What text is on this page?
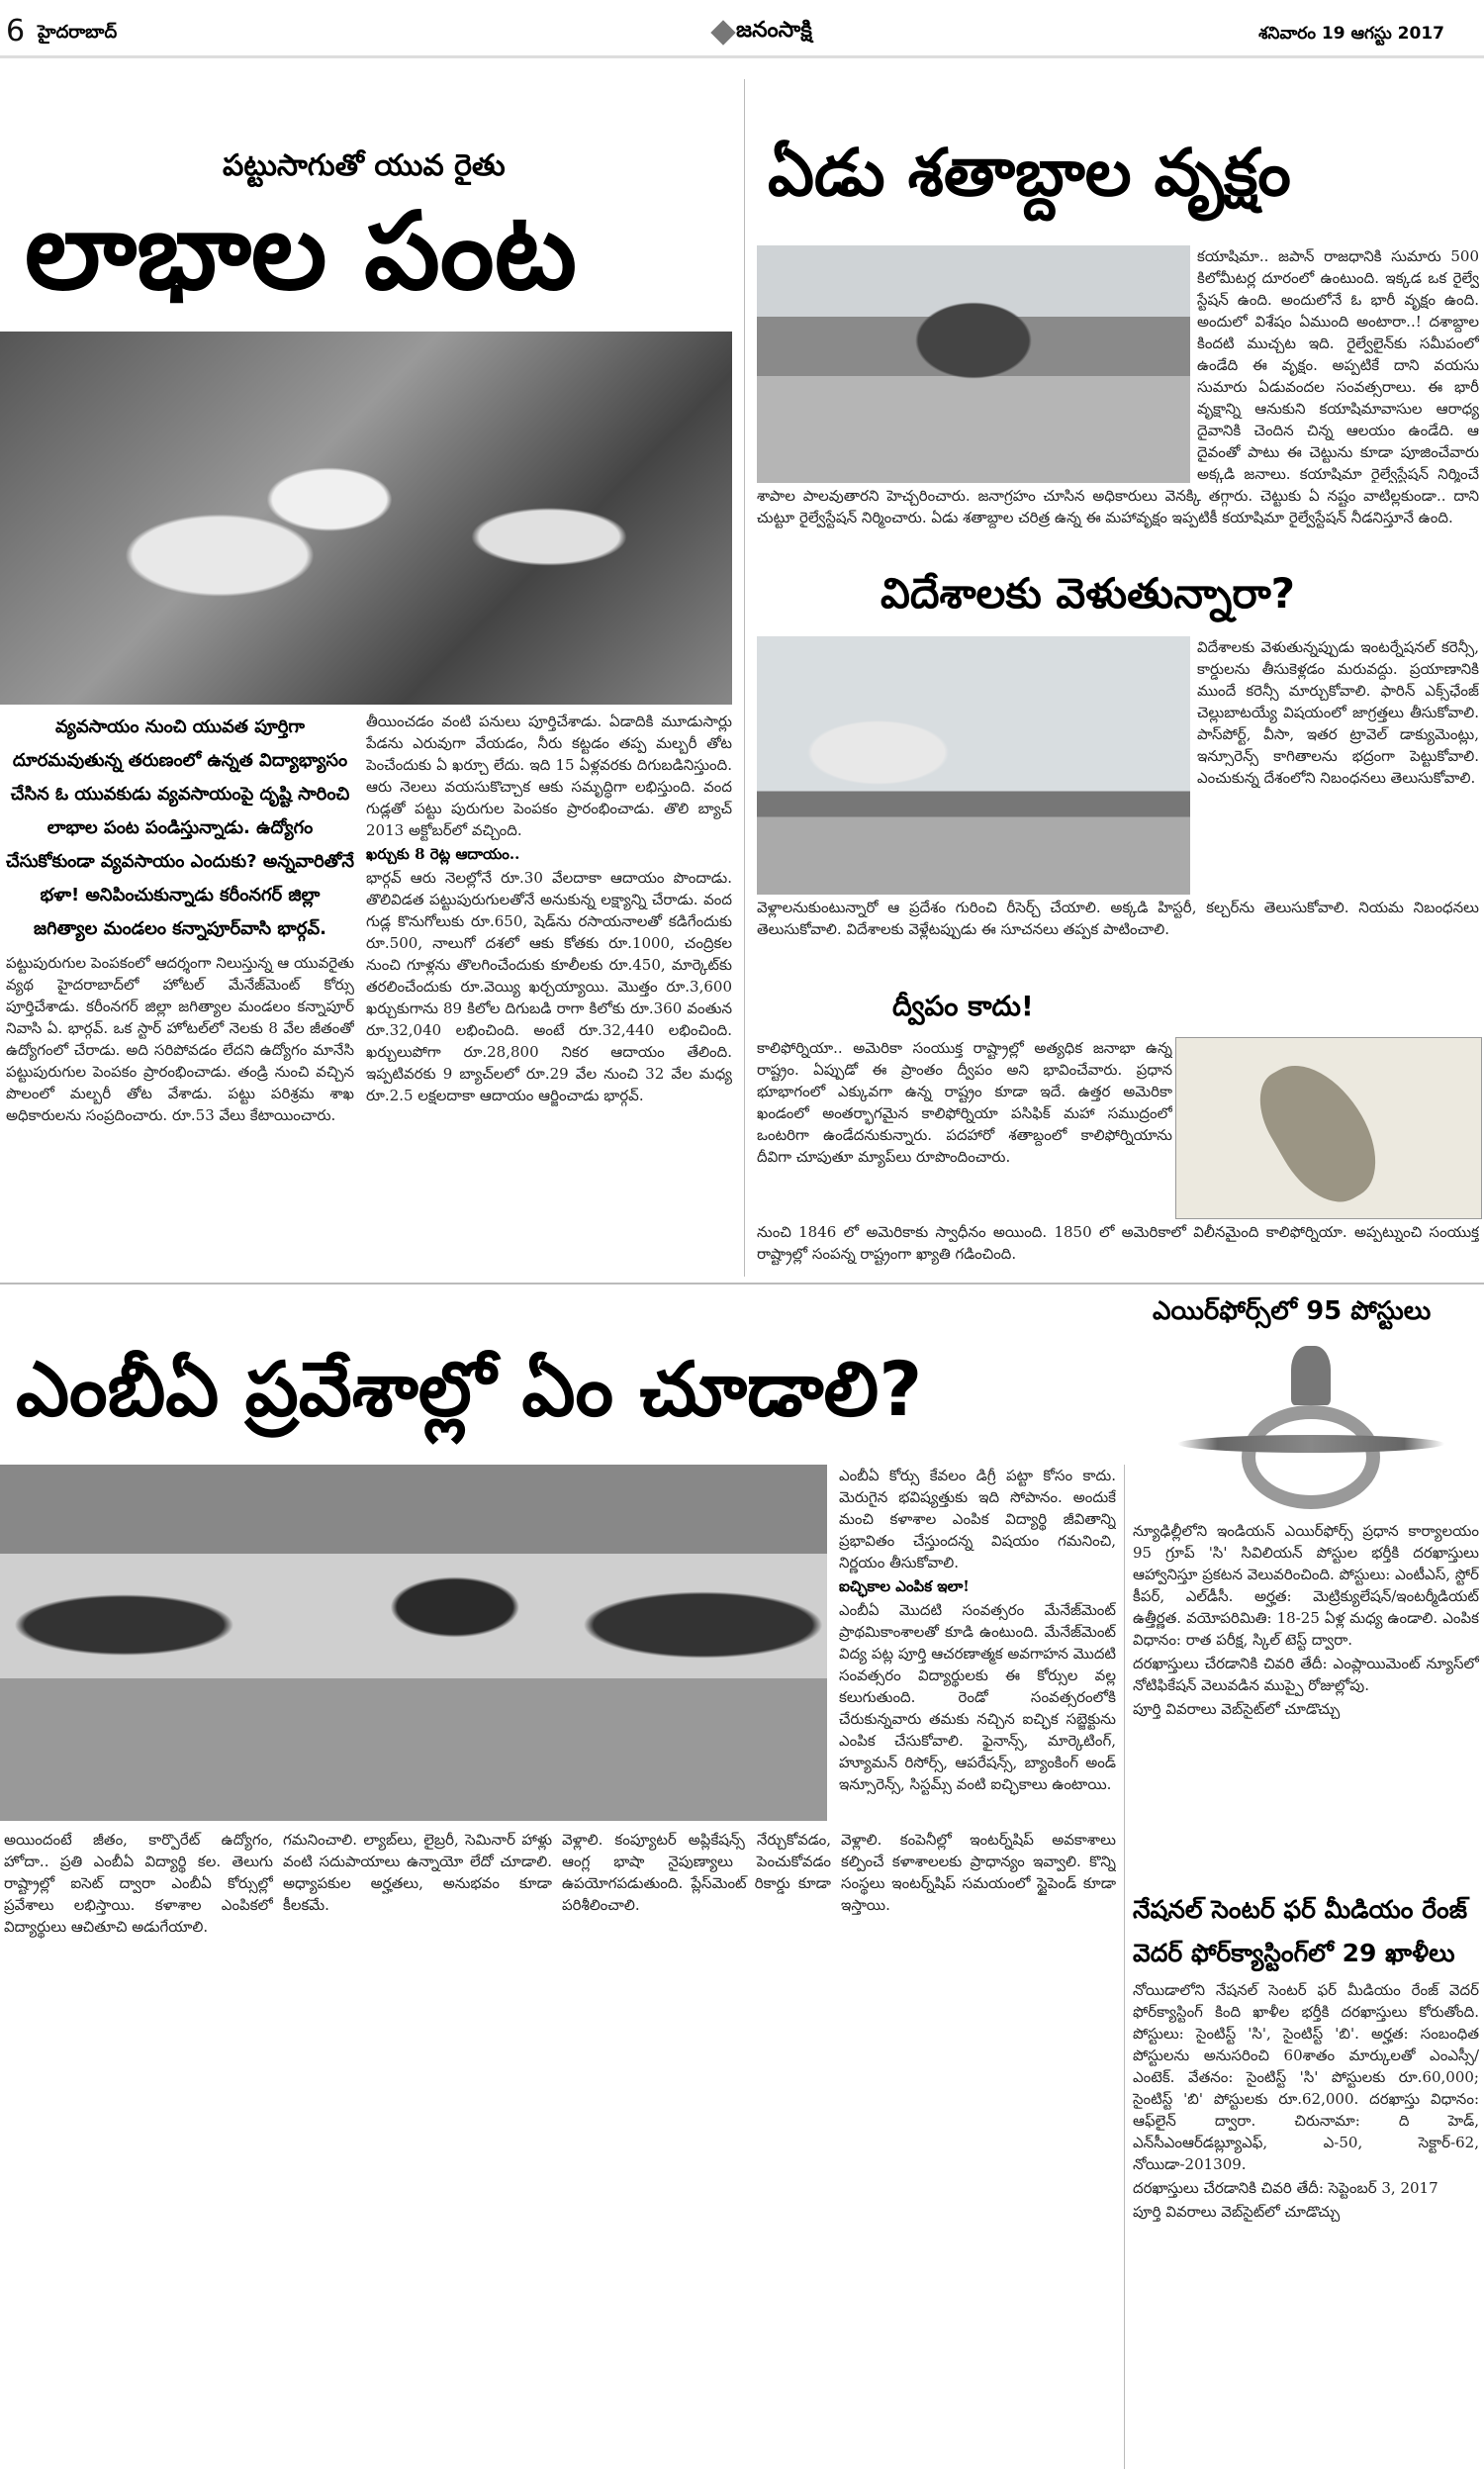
6 హైదరాబాద్	జనంసాక్షి	శనివారం 19 ఆగస్టు 2017
పట్టుసాగుతో యువ రైతు
లాభాల పంట
వ్యవసాయం నుంచి యువత పూర్తిగా దూరమవుతున్న తరుణంలో ఉన్నత విద్యాభ్యాసం చేసిన ఓ యువకుడు వ్యవసాయంపై దృష్టి సారించి లాభాల పంట పండిస్తున్నాడు. ఉద్యోగం చేసుకోకుండా వ్యవసాయం ఎందుకు? అన్నవారితోనే భళా! అనిపించుకున్నాడు కరీంనగర్ జిల్లా జగిత్యాల మండలం కన్నాపూర్‌వాసి భార్గవ్.
పట్టుపురుగుల పెంపకంలో ఆదర్శంగా నిలుస్తున్న ఆ యువరైతు వ్యథ హైదరాబాద్‌లో హోటల్ మేనేజ్‌మెంట్ కోర్సు పూర్తిచేశాడు. కరీంనగర్ జిల్లా జగిత్యాల మండలం కన్నాపూర్ నివాసి ఏ. భార్గవ్. ఒక స్టార్ హోటల్‌లో నెలకు 8 వేల జీతంతో ఉద్యోగంలో చేరాడు. అది సరిపోవడం లేదని ఉద్యోగం మానేసి పట్టుపురుగుల పెంపకం ప్రారంభించాడు. తండ్రి నుంచి వచ్చిన పొలంలో మల్బరీ తోట వేశాడు. పట్టు పరిశ్రమ శాఖ అధికారులను సంప్రదించారు. రూ.53 వేలు కేటాయించారు.

తీయించడం వంటి పనులు పూర్తిచేశాడు. ఏడాదికి మూడుసార్లు పేడను ఎరువుగా వేయడం, నీరు కట్టడం తప్ప మల్బరీ తోట పెంచేందుకు ఏ ఖర్చూ లేదు. ఇది 15 ఏళ్లవరకు దిగుబడినిస్తుంది. ఆరు నెలలు వయసుకొచ్చాక ఆకు సమృద్ధిగా లభిస్తుంది. వంద గుడ్లతో పట్టు పురుగుల పెంపకం ప్రారంభించాడు. తొలి బ్యాచ్ 2013 అక్టోబర్‌లో వచ్చింది.

ఖర్చుకు 8 రెట్ల ఆదాయం..

భార్గవ్ ఆరు నెలల్లోనే రూ.30 వేలదాకా ఆదాయం పొందాడు. తొలివిడత పట్టుపురుగులతోనే అనుకున్న లక్ష్యాన్ని చేరాడు. వంద గుడ్ల కొనుగోలుకు రూ.650, షెడ్‌ను రసాయనాలతో కడిగేందుకు రూ.500, నాలుగో దశలో ఆకు కోతకు రూ.1000, చంద్రికల నుంచి గూళ్లను తొలగించేందుకు కూలీలకు రూ.450, మార్కెట్‌కు తరలించేందుకు రూ.వెయ్యి ఖర్చయ్యాయి. మొత్తం రూ.3,600 ఖర్చుకుగాను 89 కిలోల దిగుబడి రాగా కిలోకు రూ.360 వంతున రూ.32,040 లభించింది. అంటే రూ.32,440 లభించింది. ఖర్చులుపోగా రూ.28,800 నికర ఆదాయం తేలింది. ఇప్పటివరకు 9 బ్యాచ్‌లలో రూ.29 వేల నుంచి 32 వేల మధ్య రూ.2.5 లక్షలదాకా ఆదాయం ఆర్జించాడు భార్గవ్.

ఏడు శతాబ్దాల వృక్షం
కయాషిమా.. జపాన్ రాజధానికి సుమారు 500 కిలోమీటర్ల దూరంలో ఉంటుంది. ఇక్కడ ఒక రైల్వే స్టేషన్ ఉంది. అందులోనే ఓ భారీ వృక్షం ఉంది. అందులో విశేషం ఏముంది అంటారా..! దశాబ్దాల కిందటి ముచ్చట ఇది. రైల్వేలైన్‌కు సమీపంలో ఉండేది ఈ వృక్షం. అప్పటికే దాని వయసు సుమారు ఏడువందల సంవత్సరాలు. ఈ భారీ వృక్షాన్ని ఆనుకుని కయాషిమావాసుల ఆరాధ్య దైవానికి చెందిన చిన్న ఆలయం ఉండేది. ఆ దైవంతో పాటు ఈ చెట్టును కూడా పూజించేవారు అక్కడి జనాలు. కయాషిమా రైల్వేస్టేషన్ నిర్మించే
శాపాల పాలవుతారని హెచ్చరించారు. జనాగ్రహం చూసిన అధికారులు వెనక్కి తగ్గారు. చెట్టుకు ఏ నష్టం వాటిల్లకుండా.. దాని చుట్టూ రైల్వేస్టేషన్ నిర్మించారు. ఏడు శతాబ్దాల చరిత్ర ఉన్న ఈ మహావృక్షం ఇప్పటికీ కయాషిమా రైల్వేస్టేషన్ నీడనిస్తూనే ఉంది.
విదేశాలకు వెళుతున్నారా?
విదేశాలకు వెళుతున్నప్పుడు ఇంటర్నేషనల్ కరెన్సీ, కార్డులను తీసుకెళ్లడం మరువద్దు. ప్రయాణానికి ముందే కరెన్సీ మార్చుకోవాలి. ఫారిన్ ఎక్స్‌ఛేంజ్ చెల్లుబాటయ్యే విషయంలో జాగ్రత్తలు తీసుకోవాలి. పాస్‌పోర్ట్, వీసా, ఇతర ట్రావెల్ డాక్యుమెంట్లు, ఇన్సూరెన్స్ కాగితాలను భద్రంగా పెట్టుకోవాలి. ఎంచుకున్న దేశంలోని నిబంధనలు తెలుసుకోవాలి.
వెళ్లాలనుకుంటున్నారో ఆ ప్రదేశం గురించి రీసెర్చ్ చేయాలి. అక్కడి హిస్టరీ, కల్చర్‌ను తెలుసుకోవాలి. నియమ నిబంధనలు తెలుసుకోవాలి. విదేశాలకు వెళ్లేటప్పుడు ఈ సూచనలు తప్పక పాటించాలి.
ద్వీపం కాదు!
కాలిఫోర్నియా.. అమెరికా సంయుక్త రాష్ట్రాల్లో అత్యధిక జనాభా ఉన్న రాష్ట్రం. ఏప్పుడో ఈ ప్రాంతం ద్వీపం అని భావించేవారు. ప్రధాన భూభాగంలో ఎక్కువగా ఉన్న రాష్ట్రం కూడా ఇదే. ఉత్తర అమెరికా ఖండంలో అంతర్భాగమైన కాలిఫోర్నియా పసిఫిక్ మహా సముద్రంలో ఒంటరిగా ఉండేదనుకున్నారు. పదహారో శతాబ్దంలో కాలిఫోర్నియాను దీవిగా చూపుతూ మ్యాప్‌లు రూపొందించారు.
నుంచి 1846 లో అమెరికాకు స్వాధీనం అయింది. 1850 లో అమెరికాలో విలీనమైంది కాలిఫోర్నియా. అప్పట్నుంచి సంయుక్త రాష్ట్రాల్లో సంపన్న రాష్ట్రంగా ఖ్యాతి గడించింది.
ఎయిర్‌ఫోర్స్‌లో 95 పోస్టులు

న్యూఢిల్లీలోని ఇండియన్ ఎయిర్‌ఫోర్స్ ప్రధాన కార్యాలయం 95 గ్రూప్ 'సి' సివిలియన్ పోస్టుల భర్తీకి దరఖాస్తులు ఆహ్వానిస్తూ ప్రకటన వెలువరించింది. పోస్టులు: ఎంటీఎస్, స్టోర్ కీపర్, ఎల్‌డీసీ. అర్హత: మెట్రిక్యులేషన్/ఇంటర్మీడియట్ ఉత్తీర్ణత. వయోపరిమితి: 18-25 ఏళ్ల మధ్య ఉండాలి. ఎంపిక విధానం: రాత పరీక్ష, స్కిల్ టెస్ట్ ద్వారా.

దరఖాస్తులు చేరడానికి చివరి తేదీ: ఎంప్లాయిమెంట్ న్యూస్‌లో నోటిఫికేషన్ వెలువడిన ముప్పై రోజుల్లోపు.

పూర్తి వివరాలు వెబ్‌సైట్‌లో చూడొచ్చు

నేషనల్ సెంటర్ ఫర్ మీడియం రేంజ్ వెదర్ ఫోర్‌క్యాస్టింగ్‌లో 29 ఖాళీలు

నోయిడాలోని నేషనల్ సెంటర్ ఫర్ మీడియం రేంజ్ వెదర్ ఫోర్‌క్యాస్టింగ్ కింది ఖాళీల భర్తీకి దరఖాస్తులు కోరుతోంది. పోస్టులు: సైంటిస్ట్ 'సి', సైంటిస్ట్ 'బి'. అర్హత: సంబంధిత పోస్టులను అనుసరించి 60శాతం మార్కులతో ఎంఎస్సీ/ఎంటెక్. వేతనం: సైంటిస్ట్ 'సి' పోస్టులకు రూ.60,000; సైంటిస్ట్ 'బి' పోస్టులకు రూ.62,000. దరఖాస్తు విధానం: ఆఫ్‌లైన్ ద్వారా. చిరునామా: ది హెడ్, ఎన్‌సీఎంఆర్‌డబ్ల్యూఎఫ్, ఎ-50, సెక్టార్-62, నోయిడా-201309.

దరఖాస్తులు చేరడానికి చివరి తేదీ: సెప్టెంబర్ 3, 2017

పూర్తి వివరాలు వెబ్‌సైట్‌లో చూడొచ్చు

ఎంబీఏ ప్రవేశాల్లో ఏం చూడాలి?

ఎంబీఏ కోర్సు కేవలం డిగ్రీ పట్టా కోసం కాదు. మెరుగైన భవిష్యత్తుకు ఇది సోపానం. అందుకే మంచి కళాశాల ఎంపిక విద్యార్థి జీవితాన్ని ప్రభావితం చేస్తుందన్న విషయం గమనించి, నిర్ణయం తీసుకోవాలి.

ఐచ్ఛికాల ఎంపిక ఇలా!

ఎంబీఏ మొదటి సంవత్సరం మేనేజ్‌మెంట్ ప్రాథమికాంశాలతో కూడి ఉంటుంది. మేనేజ్‌మెంట్ విద్య పట్ల పూర్తి ఆచరణాత్మక అవగాహన మొదటి సంవత్సరం విద్యార్థులకు ఈ కోర్సుల వల్ల కలుగుతుంది. రెండో సంవత్సరంలోకి చేరుకున్నవారు తమకు నచ్చిన ఐచ్ఛిక సబ్జెక్టును ఎంపిక చేసుకోవాలి. ఫైనాన్స్, మార్కెటింగ్, హ్యూమన్ రిసోర్స్, ఆపరేషన్స్, బ్యాంకింగ్ అండ్ ఇన్సూరెన్స్, సిస్టమ్స్ వంటి ఐచ్ఛికాలు ఉంటాయి.

అయిందంటే జీతం, కార్పొరేట్ ఉద్యోగం, హోదా.. ప్రతి ఎంబీఏ విద్యార్థి కల. తెలుగు రాష్ట్రాల్లో ఐసెట్ ద్వారా ఎంబీఏ కోర్సుల్లో ప్రవేశాలు లభిస్తాయి. కళాశాల ఎంపికలో విద్యార్థులు ఆచితూచి అడుగేయాలి.
గమనించాలి. ల్యాబ్‌లు, లైబ్రరీ, సెమినార్ హాళ్లు వంటి సదుపాయాలు ఉన్నాయో లేదో చూడాలి. అధ్యాపకుల అర్హతలు, అనుభవం కూడా కీలకమే.
వెళ్లాలి. కంప్యూటర్ అప్లికేషన్స్ నేర్చుకోవడం, ఆంగ్ల భాషా నైపుణ్యాలు పెంచుకోవడం ఉపయోగపడుతుంది. ప్లేస్‌మెంట్ రికార్డు కూడా పరిశీలించాలి.
వెళ్లాలి. కంపెనీల్లో ఇంటర్న్‌షిప్ అవకాశాలు కల్పించే కళాశాలలకు ప్రాధాన్యం ఇవ్వాలి. కొన్ని సంస్థలు ఇంటర్న్‌షిప్ సమయంలో స్టైపెండ్ కూడా ఇస్తాయి.
